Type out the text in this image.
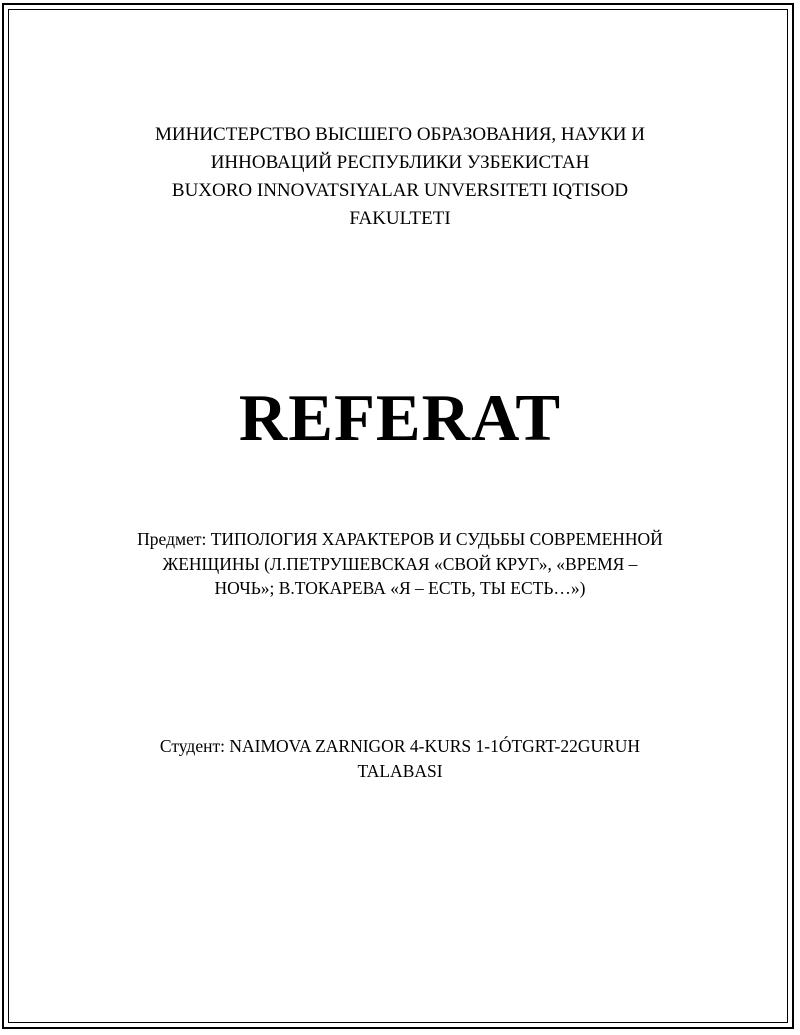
МИНИСТЕРСТВО ВЫСШЕГО ОБРАЗОВАНИЯ, НАУКИ И
ИННОВАЦИЙ РЕСПУБЛИКИ УЗБЕКИСТАН
BUXORO INNOVATSIYALAR UNVERSITETI IQTISOD
FAKULTETI
REFERAT
Предмет: ТИПОЛОГИЯ ХАРАКТЕРОВ И СУДЬБЫ СОВРЕМЕННОЙ
ЖЕНЩИНЫ (Л.ПЕТРУШЕВСКАЯ «СВОЙ КРУГ», «ВРЕМЯ –
НОЧЬ»; В.ТОКАРЕВА «Я – ЕСТЬ, ТЫ ЕСТЬ…»)
Студент: NAIMOVA ZARNIGOR 4-KURS 1-1ÓTGRT-22GURUH
TALABASI
